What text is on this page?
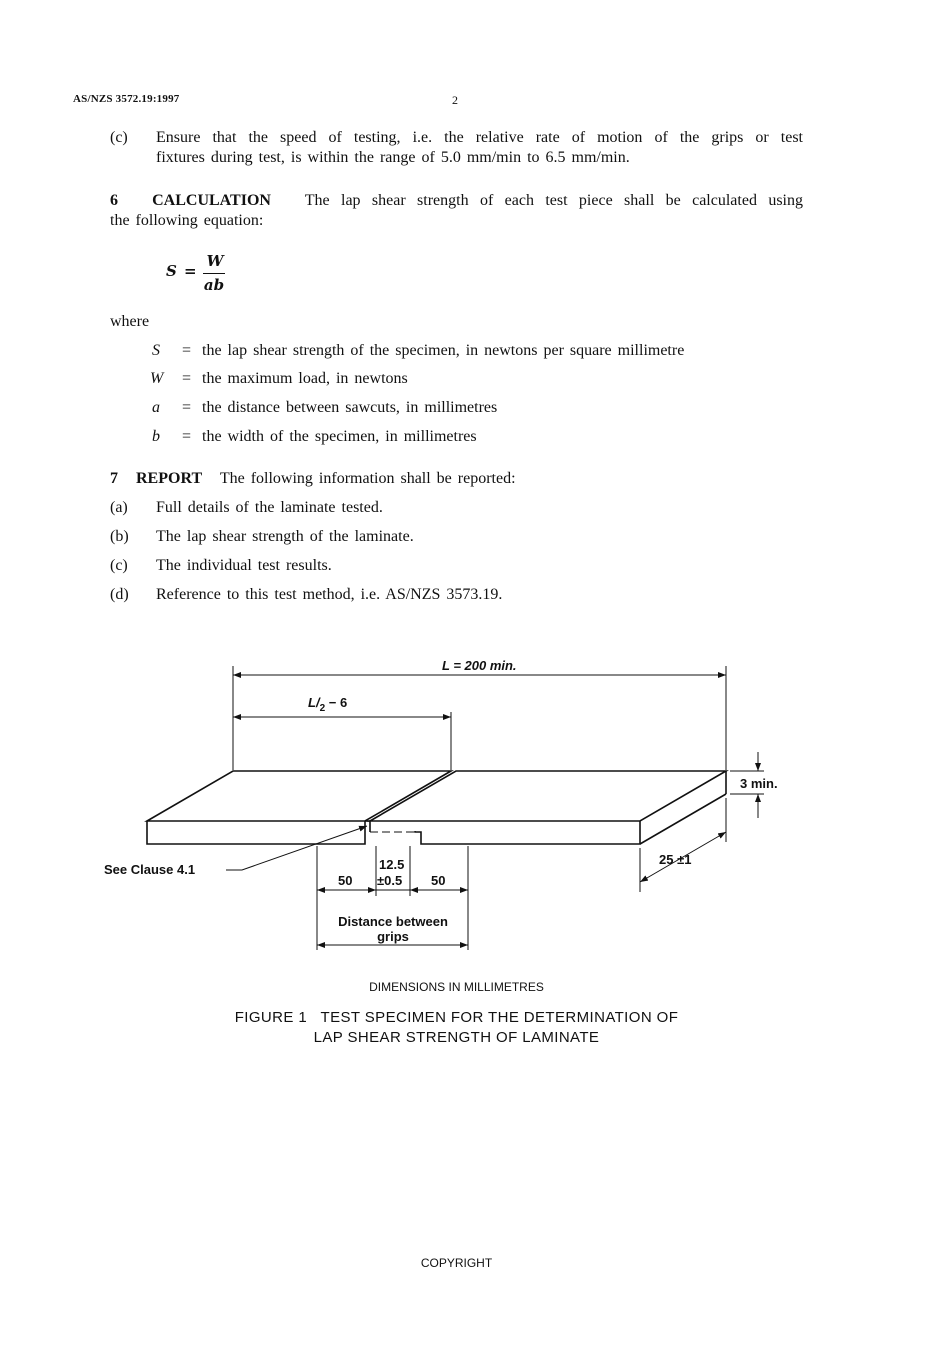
AS/NZS 3572.19:1997	2
(c) Ensure that the speed of testing, i.e. the relative rate of motion of the grips or test
fixtures during test, is within the range of 5.0 mm/min to 6.5 mm/min.
6 CALCULATION The lap shear strength of each test piece shall be calculated using
the following equation:
S =
W
ab
where
S = the lap shear strength of the specimen, in newtons per square millimetre
W = the maximum load, in newtons
a = the distance between sawcuts, in millimetres
b = the width of the specimen, in millimetres
7 REPORT The following information shall be reported:
(a) Full details of the laminate tested.
(b) The lap shear strength of the laminate.
(c) The individual test results.
(d) Reference to this test method, i.e. AS/NZS 3573.19.
L = 200 min.
$L/_2 - 6$
3 min.
25 ±1
See Clause 4.1
50
12.5
±0.5 50
Distance between
grips
DIMENSIONS IN MILLIMETRES
FIGURE 1   TEST SPECIMEN FOR THE DETERMINATION OF
LAP SHEAR STRENGTH OF LAMINATE
COPYRIGHT
